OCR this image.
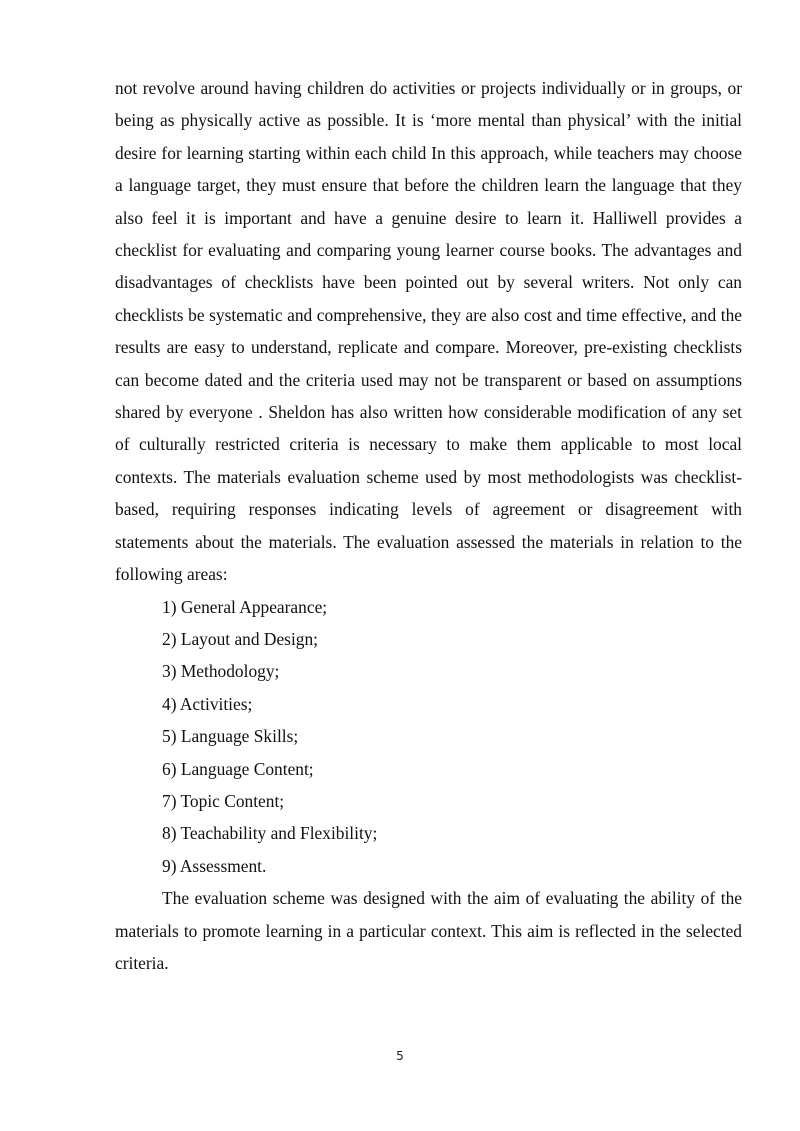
not revolve around having children do activities or projects individually or in groups, or being as physically active as possible. It is ‘more mental than physical’ with the initial desire for learning starting within each child In this approach, while teachers may choose a language target, they must ensure that before the children learn the language that they also feel it is important and have a genuine desire to learn it. Halliwell provides a checklist for evaluating and comparing young learner course books. The advantages and disadvantages of checklists have been pointed out by several writers. Not only can checklists be systematic and comprehensive, they are also cost and time effective, and the results are easy to understand, replicate and compare. Moreover, pre-existing checklists can become dated and the criteria used may not be transparent or based on assumptions shared by everyone . Sheldon has also written how considerable modification of any set of culturally restricted criteria is necessary to make them applicable to most local contexts. The materials evaluation scheme used by most methodologists was checklist-based, requiring responses indicating levels of agreement or disagreement with statements about the materials. The evaluation assessed the materials in relation to the following areas:

1) General Appearance;
2) Layout and Design;
3) Methodology;
4) Activities;
5) Language Skills;
6) Language Content;
7) Topic Content;
8) Teachability and Flexibility;
9) Assessment.

The evaluation scheme was designed with the aim of evaluating the ability of the materials to promote learning in a particular context. This aim is reflected in the selected criteria.

5
